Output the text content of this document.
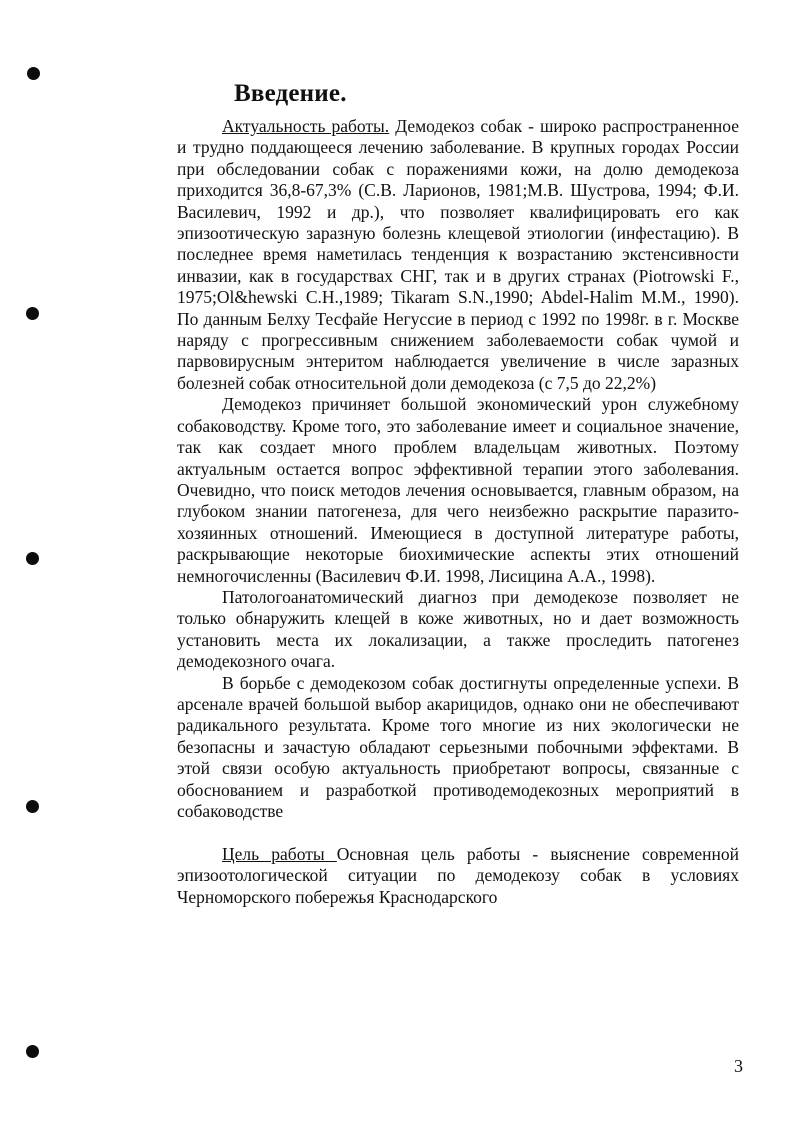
Введение.

Актуальность работы. Демодекоз собак - широко распространенное и трудно поддающееся лечению заболевание. В крупных городах России при обследовании собак с поражениями кожи, на долю демодекоза приходится 36,8-67,3% (С.В. Ларионов, 1981;М.В. Шустрова, 1994; Ф.И. Василевич, 1992 и др.), что позволяет квалифицировать его как эпизоотическую заразную болезнь клещевой этиологии (инфестацию). В последнее время наметилась тенденция к возрастанию экстенсивности инвазии, как в государствах СНГ, так и в других странах (Piotrowski F., 1975;Ol&hewski C.H.,1989; Tikaram S.N.,1990; Abdel-Halim M.M., 1990). По данным Белху Тесфайе Негуссие в период с 1992 по 1998г. в г. Москве наряду с прогрессивным снижением заболеваемости собак чумой и парвовирусным энтеритом наблюдается увеличение в числе заразных болезней собак относительной доли демодекоза (с 7,5 до 22,2%)

Демодекоз причиняет большой экономический урон служебному собаководству. Кроме того, это заболевание имеет и социальное значение, так как создает много проблем владельцам животных. Поэтому актуальным остается вопрос эффективной терапии этого заболевания. Очевидно, что поиск методов лечения основывается, главным образом, на глубоком знании патогенеза, для чего неизбежно раскрытие паразито-хозяинных отношений. Имеющиеся в доступной литературе работы, раскрывающие некоторые биохимические аспекты этих отношений немногочисленны (Василевич Ф.И. 1998, Лисицина А.А., 1998).

Патологоанатомический диагноз при демодекозе позволяет не только обнаружить клещей в коже животных, но и дает возможность установить места их локализации, а также проследить патогенез демодекозного очага.

В борьбе с демодекозом собак достигнуты определенные успехи. В арсенале врачей большой выбор акарицидов, однако они не обеспечивают радикального результата. Кроме того многие из них экологически не безопасны и зачастую обладают серьезными побочными эффектами. В этой связи особую актуальность приобретают вопросы, связанные с обоснованием и разработкой противодемодекозных мероприятий в собаководстве

Цель работы Основная цель работы - выяснение современной эпизоотологической ситуации по демодекозу собак в условиях Черноморского побережья Краснодарского

3
